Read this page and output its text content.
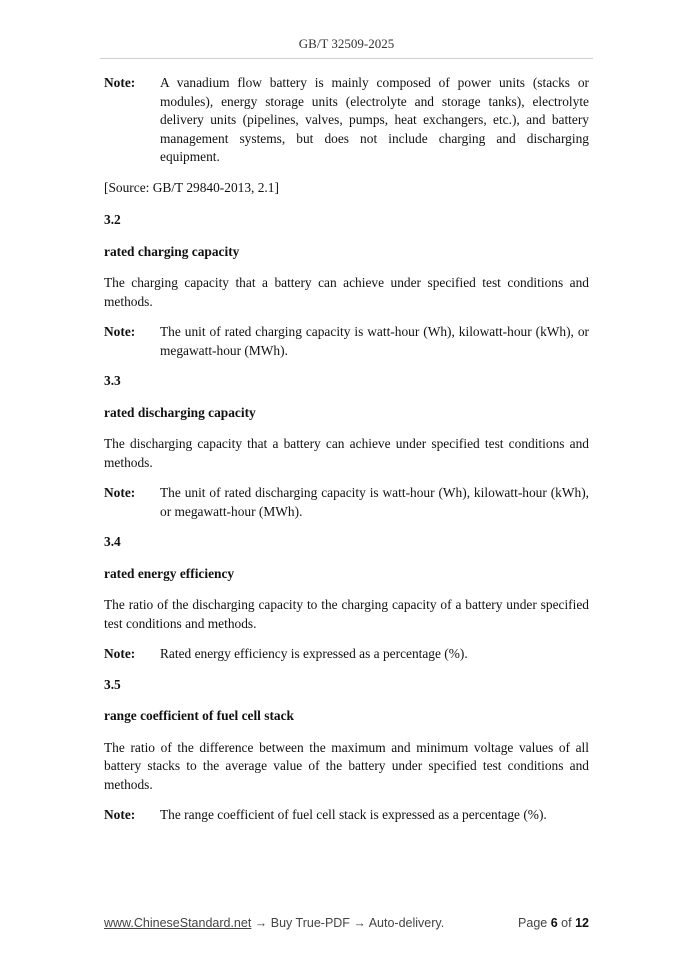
GB/T 32509-2025
Note:	A vanadium flow battery is mainly composed of power units (stacks or modules), energy storage units (electrolyte and storage tanks), electrolyte delivery units (pipelines, valves, pumps, heat exchangers, etc.), and battery management systems, but does not include charging and discharging equipment.
[Source: GB/T 29840-2013, 2.1]
3.2
rated charging capacity
The charging capacity that a battery can achieve under specified test conditions and methods.
Note:	The unit of rated charging capacity is watt-hour (Wh), kilowatt-hour (kWh), or megawatt-hour (MWh).
3.3
rated discharging capacity
The discharging capacity that a battery can achieve under specified test conditions and methods.
Note:	The unit of rated discharging capacity is watt-hour (Wh), kilowatt-hour (kWh), or megawatt-hour (MWh).
3.4
rated energy efficiency
The ratio of the discharging capacity to the charging capacity of a battery under specified test conditions and methods.
Note:	Rated energy efficiency is expressed as a percentage (%).
3.5
range coefficient of fuel cell stack
The ratio of the difference between the maximum and minimum voltage values of all battery stacks to the average value of the battery under specified test conditions and methods.
Note:	The range coefficient of fuel cell stack is expressed as a percentage (%).
www.ChineseStandard.net → Buy True-PDF → Auto-delivery.	Page 6 of 12
